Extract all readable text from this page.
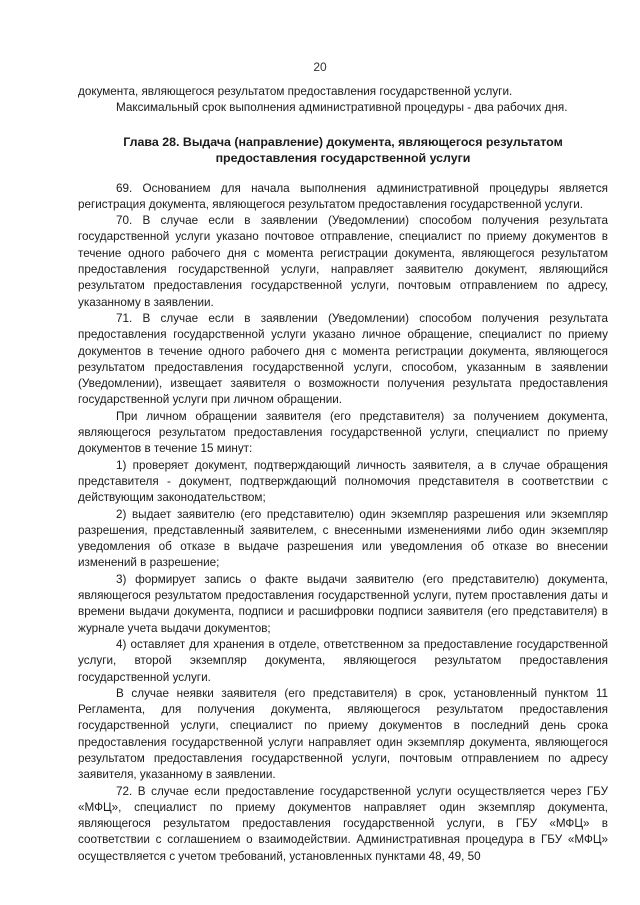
20

документа, являющегося результатом предоставления государственной услуги.

Максимальный срок выполнения административной процедуры - два рабочих дня.

Глава 28. Выдача (направление) документа, являющегося результатом предоставления государственной услуги

69. Основанием для начала выполнения административной процедуры является регистрация документа, являющегося результатом предоставления государственной услуги.

70. В случае если в заявлении (Уведомлении) способом получения результата государственной услуги указано почтовое отправление, специалист по приему документов в течение одного рабочего дня с момента регистрации документа, являющегося результатом предоставления государственной услуги, направляет заявителю документ, являющийся результатом предоставления государственной услуги, почтовым отправлением по адресу, указанному в заявлении.

71. В случае если в заявлении (Уведомлении) способом получения результата предоставления государственной услуги указано личное обращение, специалист по приему документов в течение одного рабочего дня с момента регистрации документа, являющегося результатом предоставления государственной услуги, способом, указанным в заявлении (Уведомлении), извещает заявителя о возможности получения результата предоставления государственной услуги при личном обращении.

При личном обращении заявителя (его представителя) за получением документа, являющегося результатом предоставления государственной услуги, специалист по приему документов в течение 15 минут:

1) проверяет документ, подтверждающий личность заявителя, а в случае обращения представителя - документ, подтверждающий полномочия представителя в соответствии с действующим законодательством;

2) выдает заявителю (его представителю) один экземпляр разрешения или экземпляр разрешения, представленный заявителем, с внесенными изменениями либо один экземпляр уведомления об отказе в выдаче разрешения или уведомления об отказе во внесении изменений в разрешение;

3) формирует запись о факте выдачи заявителю (его представителю) документа, являющегося результатом предоставления государственной услуги, путем проставления даты и времени выдачи документа, подписи и расшифровки подписи заявителя (его представителя) в журнале учета выдачи документов;

4) оставляет для хранения в отделе, ответственном за предоставление государственной услуги, второй экземпляр документа, являющегося результатом предоставления государственной услуги.

В случае неявки заявителя (его представителя) в срок, установленный пунктом 11 Регламента, для получения документа, являющегося результатом предоставления государственной услуги, специалист по приему документов в последний день срока предоставления государственной услуги направляет один экземпляр документа, являющегося результатом предоставления государственной услуги, почтовым отправлением по адресу заявителя, указанному в заявлении.

72. В случае если предоставление государственной услуги осуществляется через ГБУ «МФЦ», специалист по приему документов направляет один экземпляр документа, являющегося результатом предоставления государственной услуги, в ГБУ «МФЦ» в соответствии с соглашением о взаимодействии. Административная процедура в ГБУ «МФЦ» осуществляется с учетом требований, установленных пунктами 48, 49, 50
